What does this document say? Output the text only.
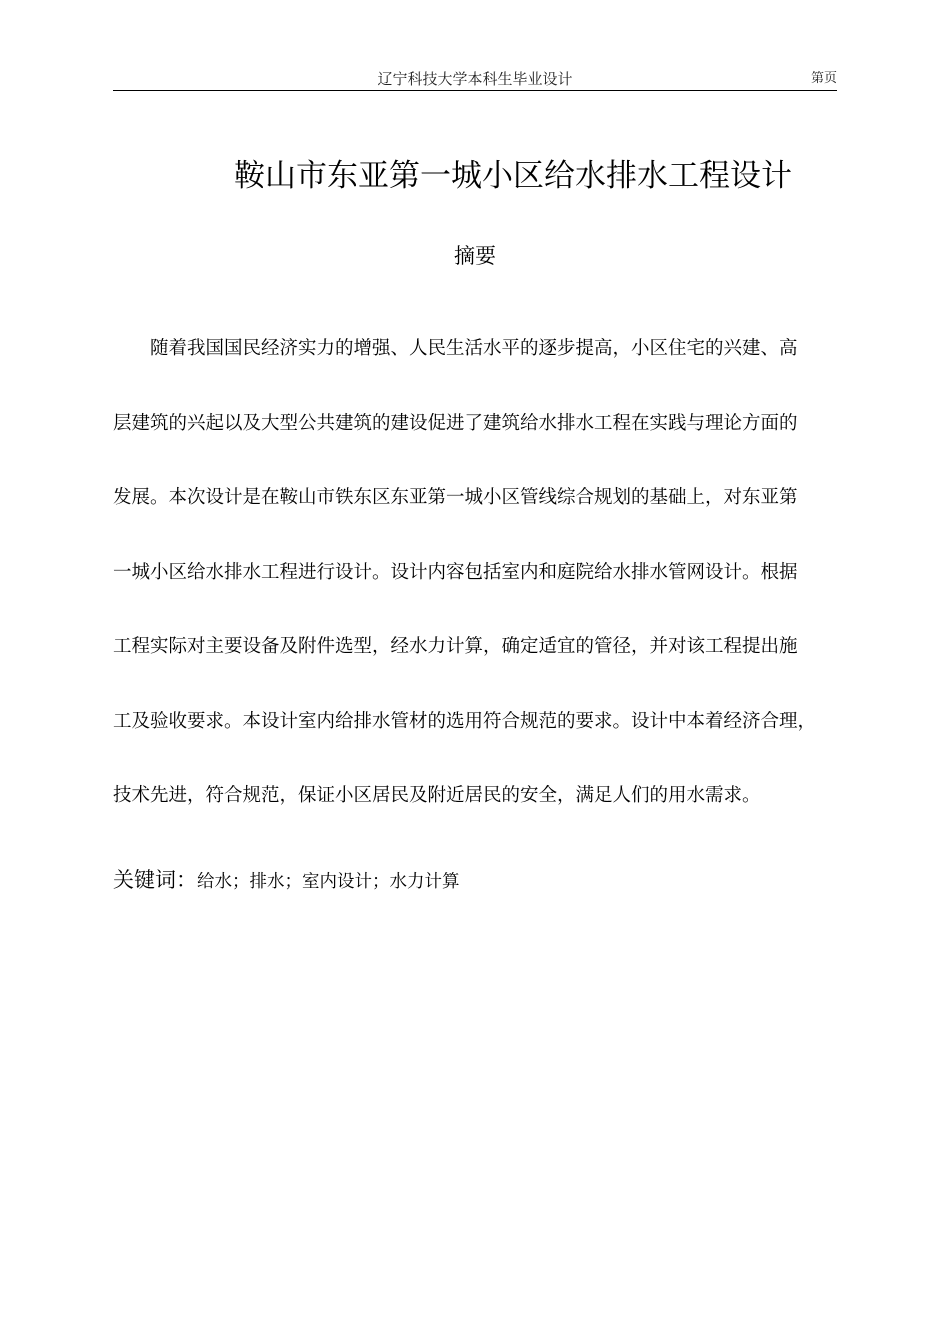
辽宁科技大学本科生毕业设计	第页
鞍山市东亚第一城小区给水排水工程设计
摘要
　　随着我国国民经济实力的增强、人民生活水平的逐步提高，小区住宅的兴建、高
层建筑的兴起以及大型公共建筑的建设促进了建筑给水排水工程在实践与理论方面的
发展。本次设计是在鞍山市铁东区东亚第一城小区管线综合规划的基础上，对东亚第
一城小区给水排水工程进行设计。设计内容包括室内和庭院给水排水管网设计。根据
工程实际对主要设备及附件选型，经水力计算，确定适宜的管径，并对该工程提出施
工及验收要求。本设计室内给排水管材的选用符合规范的要求。设计中本着经济合理，
技术先进，符合规范，保证小区居民及附近居民的安全，满足人们的用水需求。
关键词：给水；排水；室内设计；水力计算
